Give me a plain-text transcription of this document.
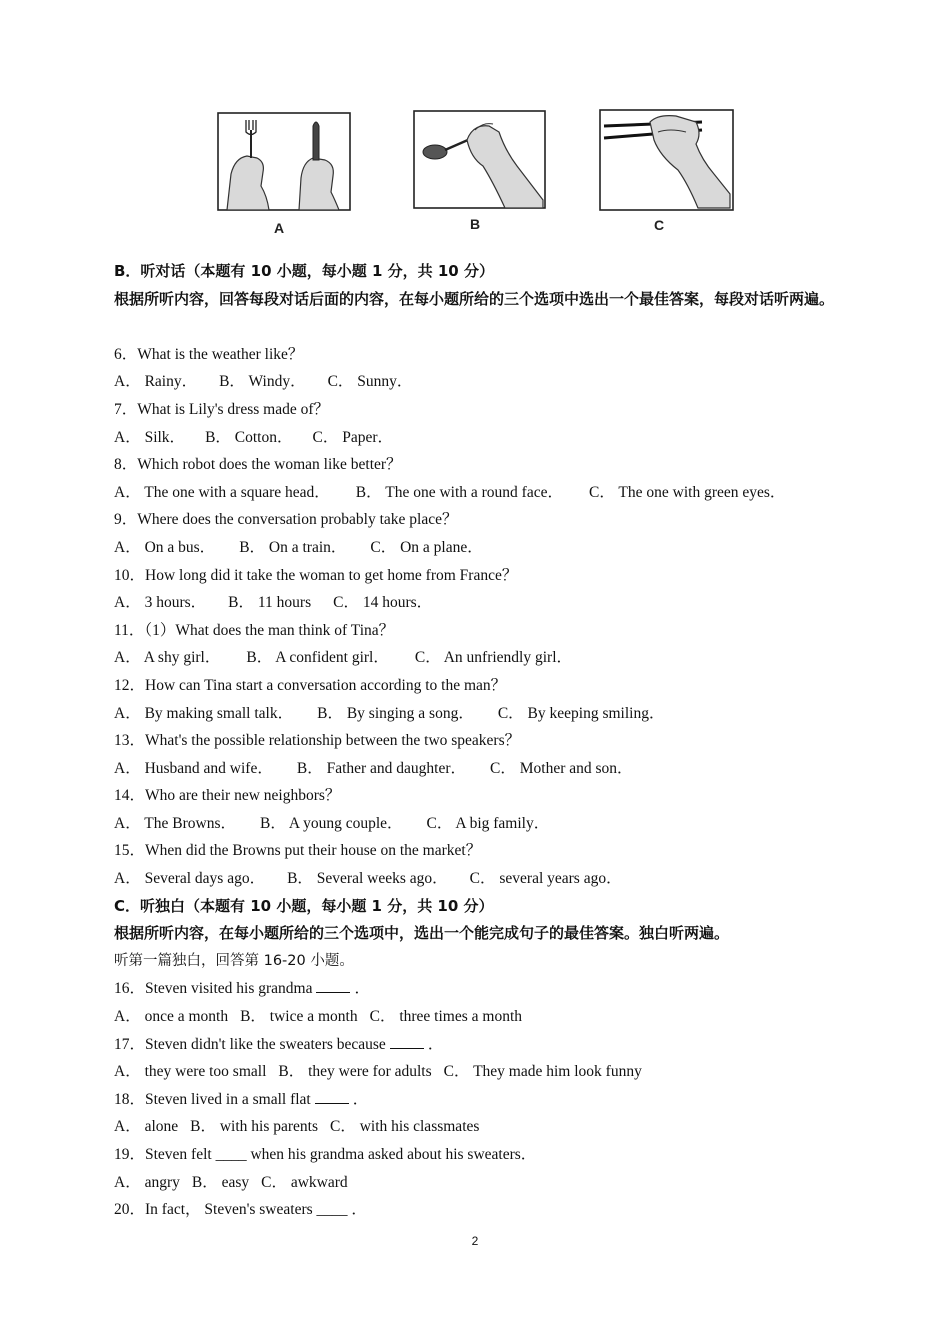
A	B	C
B．听对话（本题有 10 小题，每小题 1 分，共 10 分）
根据所听内容，回答每段对话后面的内容，在每小题所给的三个选项中选出一个最佳答案，每段对话听两遍。
6．What is the weather like？
A． Rainy． B． Windy． C． Sunny．
7．What is Lily's dress made of？
A． Silk． B． Cotton． C． Paper．
8．Which robot does the woman like better？
A． The one with a square head． B． The one with a round face． C． The one with green eyes．
9．Where does the conversation probably take place？
A． On a bus． B． On a train． C． On a plane．
10．How long did it take the woman to get home from France？
A． 3 hours． B． 11 hours C． 14 hours．
11．（1）What does the man think of Tina？
A． A shy girl． B． A confident girl． C． An unfriendly girl．
12．How can Tina start a conversation according to the man？
A． By making small talk． B． By singing a song． C． By keeping smiling．
13．What's the possible relationship between the two speakers？
A． Husband and wife． B． Father and daughter． C． Mother and son．
14．Who are their new neighbors？
A． The Browns． B． A young couple． C． A big family．
15．When did the Browns put their house on the market？
A． Several days ago． B． Several weeks ago． C． several years ago．
C．听独白（本题有 10 小题，每小题 1 分，共 10 分）
根据所听内容，在每小题所给的三个选项中，选出一个能完成句子的最佳答案。独白听两遍。
听第一篇独白，回答第 16-20 小题。
16．Steven visited his grandma	．
A． once a month B． twice a month C． three times a month
17．Steven didn't like the sweaters because	．
A． they were too small B． they were for adults C． They made him look funny
18．Steven lived in a small flat	．
A． alone B． with his parents C． with his classmates
19．Steven felt ____ when his grandma asked about his sweaters．
A． angry B． easy C． awkward
20．In fact， Steven's sweaters ____ ．
2
